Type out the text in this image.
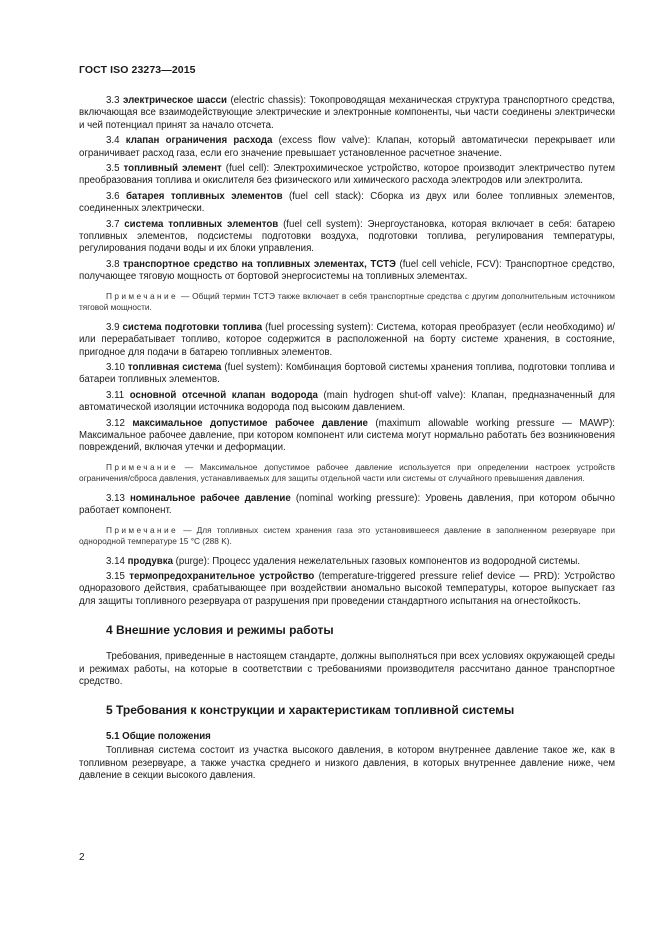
ГОСТ ISO 23273—2015
3.3 электрическое шасси (electric chassis): Токопроводящая механическая структура транспортного средства, включающая все взаимодействующие электрические и электронные компоненты, чьи части соединены электрически и чей потенциал принят за начало отсчета.
3.4 клапан ограничения расхода (excess flow valve): Клапан, который автоматически перекрывает или ограничивает расход газа, если его значение превышает установленное расчетное значение.
3.5 топливный элемент (fuel cell): Электрохимическое устройство, которое производит электричество путем преобразования топлива и окислителя без физического или химического расхода электродов или электролита.
3.6 батарея топливных элементов (fuel cell stack): Сборка из двух или более топливных элементов, соединенных электрически.
3.7 система топливных элементов (fuel cell system): Энергоустановка, которая включает в себя: батарею топливных элементов, подсистемы подготовки воздуха, подготовки топлива, регулирования температуры, регулирования подачи воды и их блоки управления.
3.8 транспортное средство на топливных элементах, ТСТЭ (fuel cell vehicle, FCV): Транспортное средство, получающее тяговую мощность от бортовой энергосистемы на топливных элементах.
Примечание — Общий термин ТСТЭ также включает в себя транспортные средства с другим дополнительным источником тяговой мощности.
3.9 система подготовки топлива (fuel processing system): Система, которая преобразует (если необходимо) и/или перерабатывает топливо, которое содержится в расположенной на борту системе хранения, в состояние, пригодное для подачи в батарею топливных элементов.
3.10 топливная система (fuel system): Комбинация бортовой системы хранения топлива, подготовки топлива и батареи топливных элементов.
3.11 основной отсечной клапан водорода (main hydrogen shut-off valve): Клапан, предназначенный для автоматической изоляции источника водорода под высоким давлением.
3.12 максимальное допустимое рабочее давление (maximum allowable working pressure — MAWP): Максимальное рабочее давление, при котором компонент или система могут нормально работать без возникновения повреждений, включая утечки и деформации.
Примечание — Максимальное допустимое рабочее давление используется при определении настроек устройств ограничения/сброса давления, устанавливаемых для защиты отдельной части или системы от случайного превышения давления.
3.13 номинальное рабочее давление (nominal working pressure): Уровень давления, при котором обычно работает компонент.
Примечание — Для топливных систем хранения газа это установившееся давление в заполненном резервуаре при однородной температуре 15 °С (288 K).
3.14 продувка (purge): Процесс удаления нежелательных газовых компонентов из водородной системы.
3.15 термопредохранительное устройство (temperature-triggered pressure relief device — PRD): Устройство одноразового действия, срабатывающее при воздействии аномально высокой температуры, которое выпускает газ для защиты топливного резервуара от разрушения при проведении стандартного испытания на огнестойкость.
4 Внешние условия и режимы работы
Требования, приведенные в настоящем стандарте, должны выполняться при всех условиях окружающей среды и режимах работы, на которые в соответствии с требованиями производителя рассчитано данное транспортное средство.
5 Требования к конструкции и характеристикам топливной системы
5.1 Общие положения
Топливная система состоит из участка высокого давления, в котором внутреннее давление такое же, как в топливном резервуаре, а также участка среднего и низкого давления, в которых внутреннее давление ниже, чем давление в секции высокого давления.
2
